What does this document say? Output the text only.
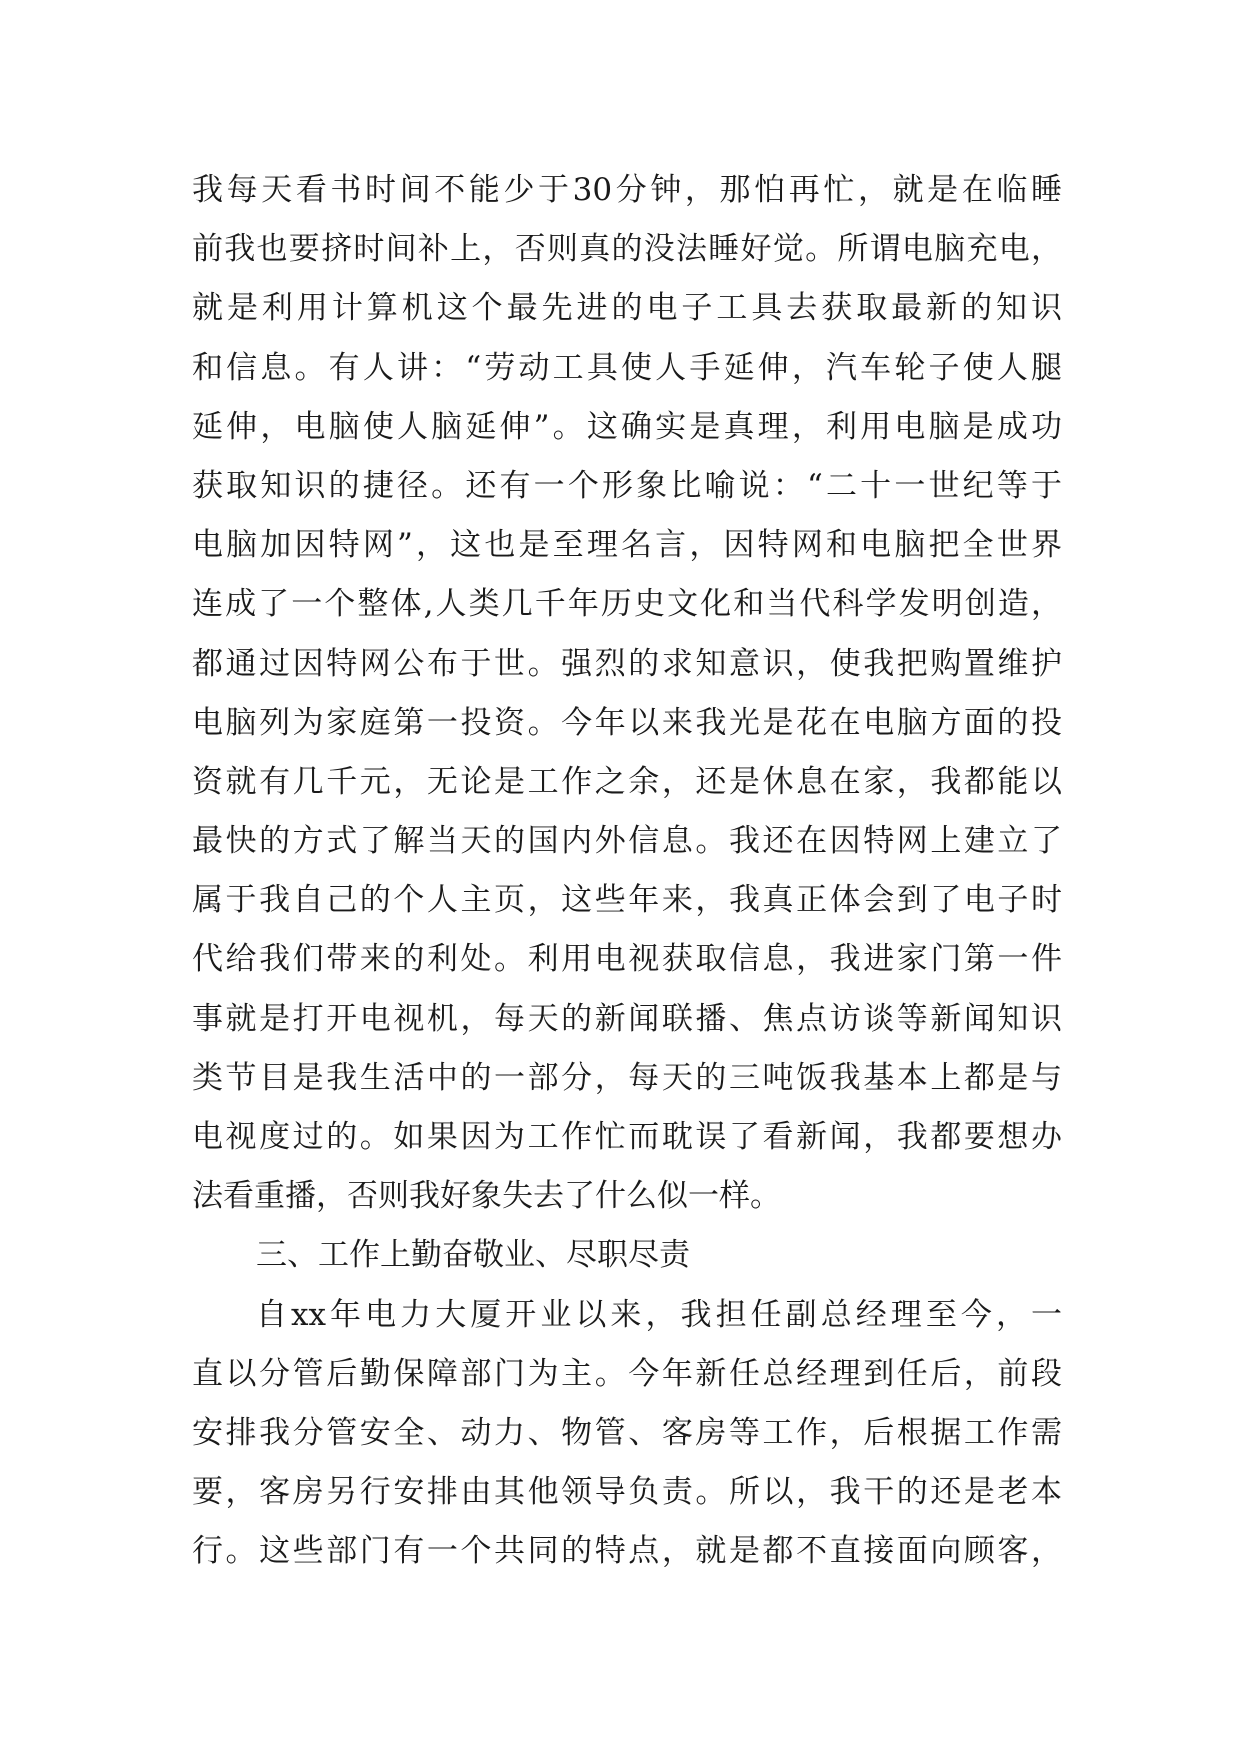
我每天看书时间不能少于30分钟，那怕再忙，就是在临睡
前我也要挤时间补上，否则真的没法睡好觉。所谓电脑充电，
就是利用计算机这个最先进的电子工具去获取最新的知识
和信息。有人讲：“劳动工具使人手延伸，汽车轮子使人腿
延伸，电脑使人脑延伸”。这确实是真理，利用电脑是成功
获取知识的捷径。还有一个形象比喻说：“二十一世纪等于
电脑加因特网”，这也是至理名言，因特网和电脑把全世界
连成了一个整体,人类几千年历史文化和当代科学发明创造，
都通过因特网公布于世。强烈的求知意识，使我把购置维护
电脑列为家庭第一投资。今年以来我光是花在电脑方面的投
资就有几千元，无论是工作之余，还是休息在家，我都能以
最快的方式了解当天的国内外信息。我还在因特网上建立了
属于我自己的个人主页，这些年来，我真正体会到了电子时
代给我们带来的利处。利用电视获取信息，我进家门第一件
事就是打开电视机，每天的新闻联播、焦点访谈等新闻知识
类节目是我生活中的一部分，每天的三吨饭我基本上都是与
电视度过的。如果因为工作忙而耽误了看新闻，我都要想办
法看重播，否则我好象失去了什么似一样。
三、工作上勤奋敬业、尽职尽责
自xx年电力大厦开业以来，我担任副总经理至今，一
直以分管后勤保障部门为主。今年新任总经理到任后，前段
安排我分管安全、动力、物管、客房等工作，后根据工作需
要，客房另行安排由其他领导负责。所以，我干的还是老本
行。这些部门有一个共同的特点，就是都不直接面向顾客，
